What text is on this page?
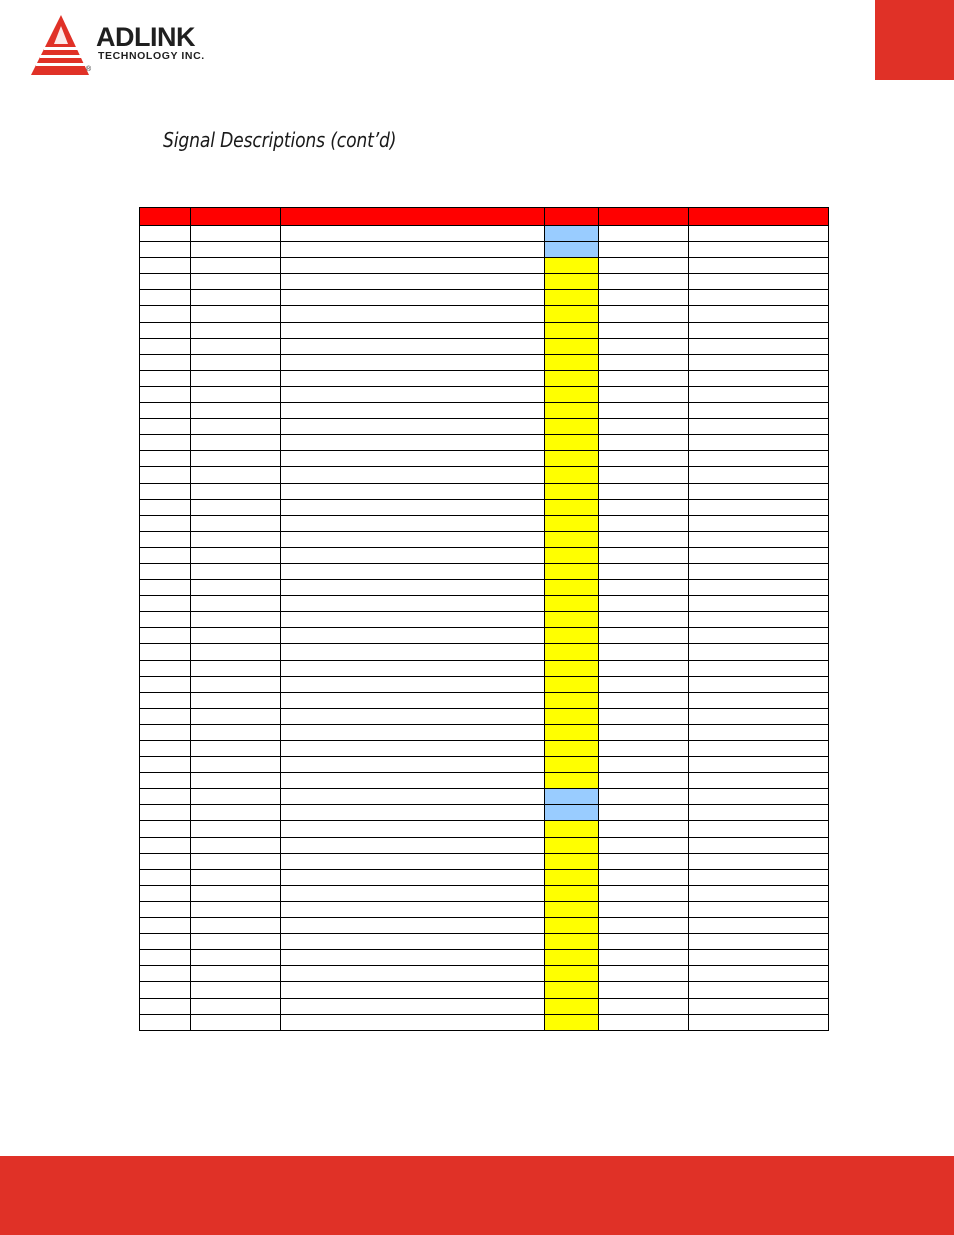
ADLINK
TECHNOLOGY INC.
®
Signal Descriptions (cont’d)
